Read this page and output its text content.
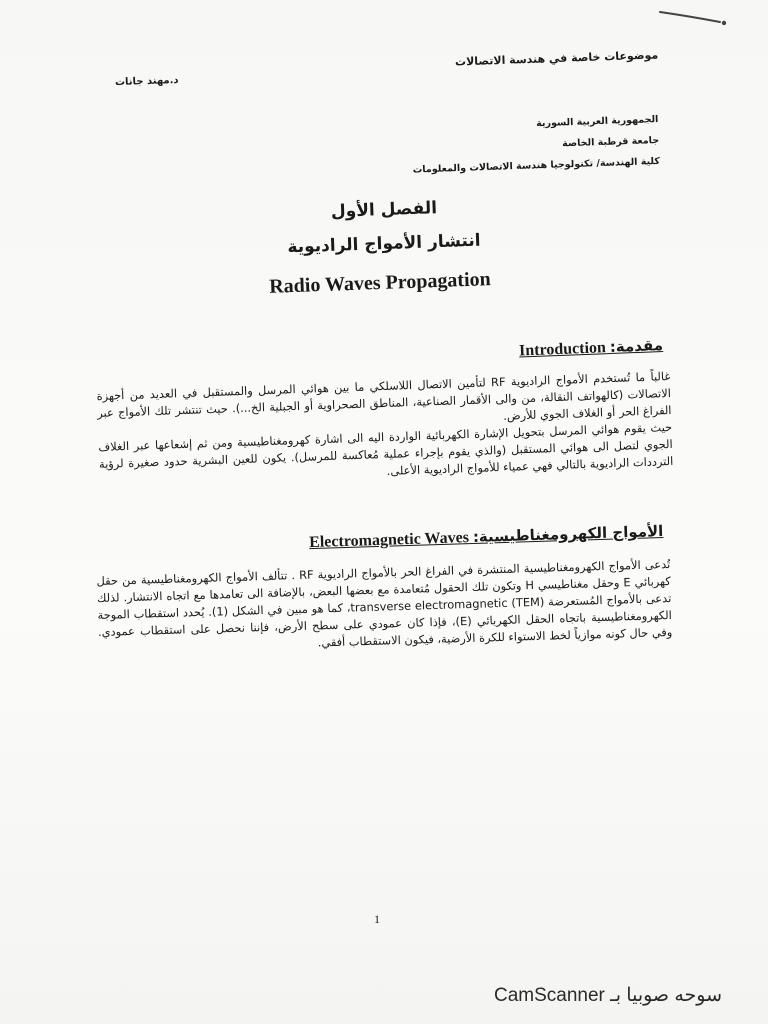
موضوعات خاصة في هندسة الاتصالات
د.مهند جانات
الجمهورية العربية السورية
جامعة قرطبة الخاصة
كلية الهندسة/ تكنولوجيا هندسة الاتصالات والمعلومات
الفصل الأول
انتشار الأمواج الراديوية
Radio Waves Propagation
مقدمة: Introduction

غالباً ما تُستخدم الأمواج الراديوية RF لتأمين الاتصال اللاسلكي ما بين هوائي المرسل والمستقبل في العديد من أجهزة الاتصالات (كالهواتف النقالة، من والى الأقمار الصناعية، المناطق الصحراوية أو الجبلية الخ...). حيث تنتشر تلك الأمواج عبر الفراغ الحر أو الغلاف الجوي للأرض.

حيث يقوم هوائي المرسل بتحويل الإشارة الكهربائية الواردة اليه الى اشارة كهرومغناطيسية ومن ثم إشعاعها عبر الغلاف الجوي لتصل الى هوائي المستقبل (والذي يقوم بإجراء عملية مُعاكسة للمرسل). يكون للعين البشرية حدود صغيرة لرؤية الترددات الراديوية بالتالي فهي عمياء للأمواج الراديوية الأعلى.

الأمواج الكهرومغناطيسية: Electromagnetic Waves

تُدعى الأمواج الكهرومغناطيسية المنتشرة في الفراغ الحر بالأمواج الراديوية RF . تتألف الأمواج الكهرومغناطيسية من حقل كهربائي E وحقل مغناطيسي H وتكون تلك الحقول مُتعامدة مع بعضها البعض، بالإضافة الى تعامدها مع اتجاه الانتشار. لذلك تدعى بالأمواج المُستعرضة transverse electromagnetic (TEM)، كما هو مبين في الشكل (1). يُحدد استقطاب الموجة الكهرومغناطيسية باتجاه الحقل الكهربائي (E)، فإذا كان عمودي على سطح الأرض، فإننا نحصل على استقطاب عمودي. وفي حال كونه موازياً لخط الاستواء للكرة الأرضية، فيكون الاستقطاب أفقي.

1
CamScanner سوحه صوبيا بـ
